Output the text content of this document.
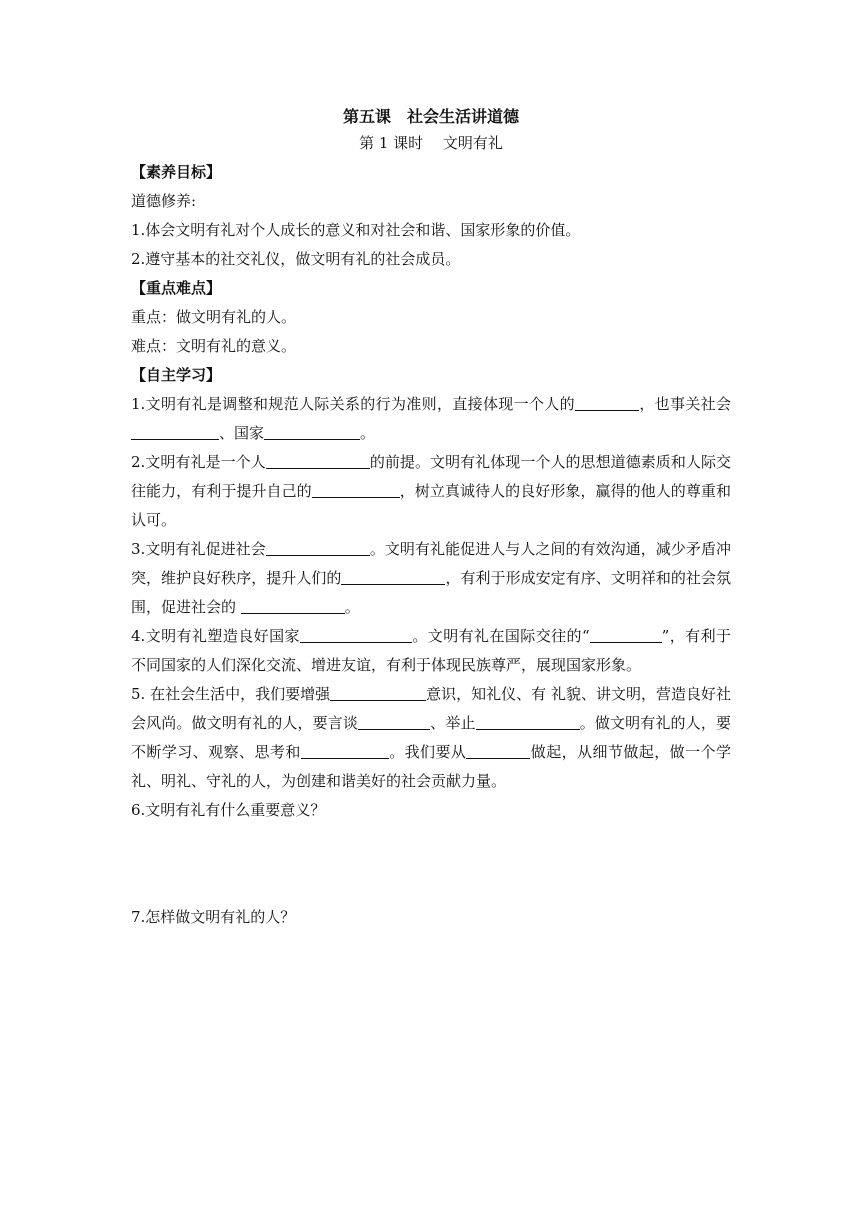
第五课　社会生活讲道德
第 1 课时　 文明有礼
【素养目标】
道德修养:
1.体会文明有礼对个人成长的意义和对社会和谐、国家形象的价值。
2.遵守基本的社交礼仪，做文明有礼的社会成员。
【重点难点】
重点：做文明有礼的人。
难点：文明有礼的意义。
【自主学习】
1.文明有礼是调整和规范人际关系的行为准则，直接体现一个人的	，也事关社会、国家	。
2.文明有礼是一个人	的前提。文明有礼体现一个人的思想道德素质和人际交往能力，有利于提升自己的	，树立真诚待人的良好形象，赢得的他人的尊重和认可。
3.文明有礼促进社会	。文明有礼能促进人与人之间的有效沟通，减少矛盾冲突，维护良好秩序，提升人们的	，有利于形成安定有序、文明祥和的社会氛围，促进社会的	。
4.文明有礼塑造良好国家	。文明有礼在国际交往的“	”，有利于不同国家的人们深化交流、增进友谊，有利于体现民族尊严，展现国家形象。
5. 在社会生活中，我们要增强	意识，知礼仪、有 礼貌、讲文明，营造良好社会风尚。做文明有礼的人，要言谈	、举止	。做文明有礼的人，要不断学习、观察、思考和	。我们要从	做起，从细节做起，做一个学礼、明礼、守礼的人，为创建和谐美好的社会贡献力量。
6.文明有礼有什么重要意义？
7.怎样做文明有礼的人？
